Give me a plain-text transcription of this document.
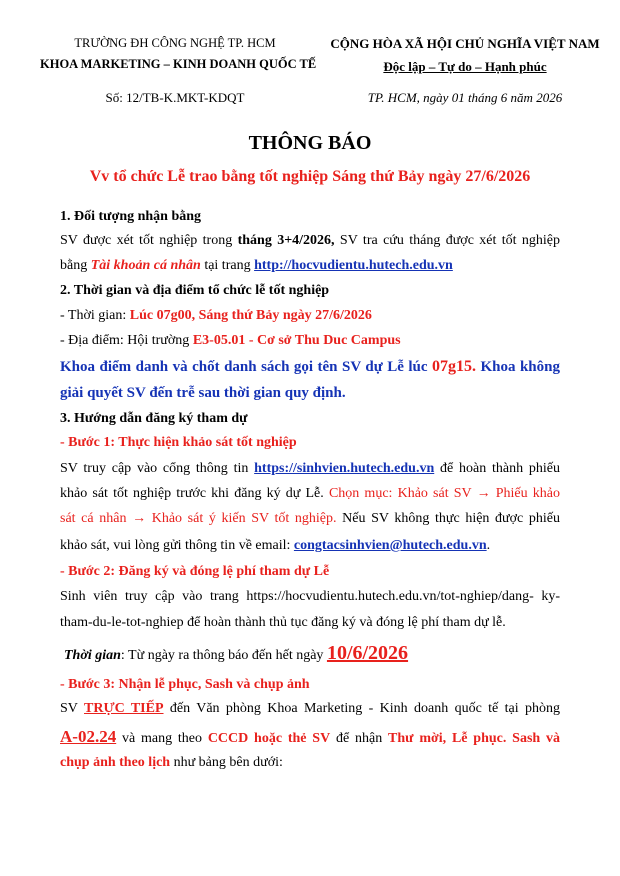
TRƯỜNG ĐH CÔNG NGHỆ TP. HCM
KHOA MARKETING – KINH DOANH QUỐC TẾ
Số: 12/TB-K.MKT-KDQT
CỘNG HÒA XÃ HỘI CHỦ NGHĨA VIỆT NAM
Độc lập – Tự do – Hạnh phúc
TP. HCM, ngày 01 tháng 6 năm 2026
THÔNG BÁO
Vv tổ chức Lễ trao bằng tốt nghiệp Sáng thứ Bảy ngày 27/6/2026
1. Đối tượng nhận bằng
SV được xét tốt nghiệp trong tháng 3+4/2026, SV tra cứu tháng được xét tốt nghiệp
bằng Tài khoản cá nhân tại trang http://hocvudientu.hutech.edu.vn
2. Thời gian và địa điểm tổ chức lễ tốt nghiệp
- Thời gian: Lúc 07g00, Sáng thứ Bảy ngày 27/6/2026
- Địa điểm: Hội trường E3-05.01 - Cơ sở Thu Duc Campus
Khoa điểm danh và chốt danh sách gọi tên SV dự Lễ lúc 07g15. Khoa không
giải quyết SV đến trễ sau thời gian quy định.
3. Hướng dẫn đăng ký tham dự
- Bước 1: Thực hiện khảo sát tốt nghiệp
SV truy cập vào cổng thông tin https://sinhvien.hutech.edu.vn để hoàn thành phiếu
khảo sát tốt nghiệp trước khi đăng ký dự Lễ. Chọn mục: Khảo sát SV → Phiếu khảo
sát cá nhân → Khảo sát ý kiến SV tốt nghiệp. Nếu SV không thực hiện được phiếu
khảo sát, vui lòng gửi thông tin về email: congtacsinhvien@hutech.edu.vn.
- Bước 2: Đăng ký và đóng lệ phí tham dự Lễ
Sinh viên truy cập vào trang https://hocvudientu.hutech.edu.vn/tot-nghiep/dang- ky-
tham-du-le-tot-nghiep để hoàn thành thủ tục đăng ký và đóng lệ phí tham dự lễ.
Thời gian: Từ ngày ra thông báo đến hết ngày 10/6/2026
- Bước 3: Nhận lễ phục, Sash và chụp ảnh
SV TRỰC TIẾP đến Văn phòng Khoa Marketing - Kinh doanh quốc tế tại phòng
A-02.24 và mang theo CCCD hoặc thẻ SV để nhận Thư mời, Lễ phục. Sash và
chụp ảnh theo lịch như bảng bên dưới:
